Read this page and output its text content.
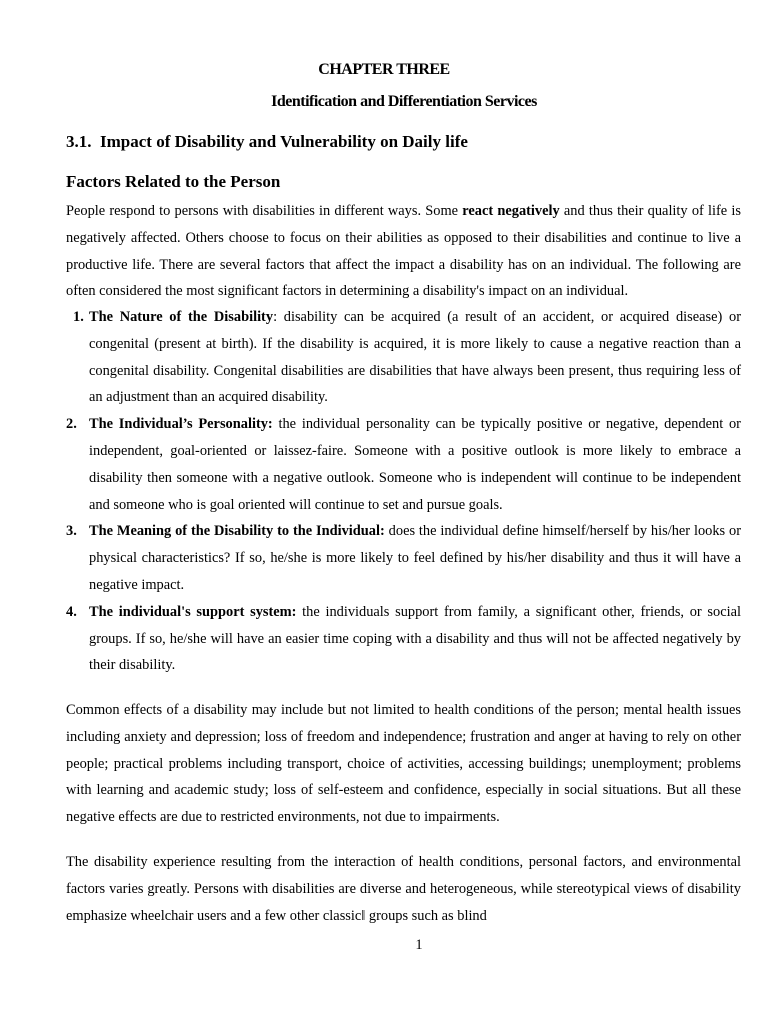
CHAPTER THREE
Identification and Differentiation Services
3.1. Impact of Disability and Vulnerability on Daily life
Factors Related to the Person

People respond to persons with disabilities in different ways. Some react negatively and thus their quality of life is negatively affected. Others choose to focus on their abilities as opposed to their disabilities and continue to live a productive life. There are several factors that affect the impact a disability has on an individual. The following are often considered the most significant factors in determining a disability's impact on an individual.

1. The Nature of the Disability: disability can be acquired (a result of an accident, or acquired disease) or congenital (present at birth). If the disability is acquired, it is more likely to cause a negative reaction than a congenital disability. Congenital disabilities are disabilities that have always been present, thus requiring less of an adjustment than an acquired disability.
2. The Individual’s Personality: the individual personality can be typically positive or negative, dependent or independent, goal-oriented or laissez-faire. Someone with a positive outlook is more likely to embrace a disability then someone with a negative outlook. Someone who is independent will continue to be independent and someone who is goal oriented will continue to set and pursue goals.
3. The Meaning of the Disability to the Individual: does the individual define himself/herself by his/her looks or physical characteristics? If so, he/she is more likely to feel defined by his/her disability and thus it will have a negative impact.
4. The individual's support system: the individuals support from family, a significant other, friends, or social groups. If so, he/she will have an easier time coping with a disability and thus will not be affected negatively by their disability.

Common effects of a disability may include but not limited to health conditions of the person; mental health issues including anxiety and depression; loss of freedom and independence; frustration and anger at having to rely on other people; practical problems including transport, choice of activities, accessing buildings; unemployment; problems with learning and academic study; loss of self-esteem and confidence, especially in social situations. But all these negative effects are due to restricted environments, not due to impairments.

The disability experience resulting from the interaction of health conditions, personal factors, and environmental factors varies greatly. Persons with disabilities are diverse and heterogeneous, while stereotypical views of disability emphasize wheelchair users and a few other classic‖ groups such as blind

1
